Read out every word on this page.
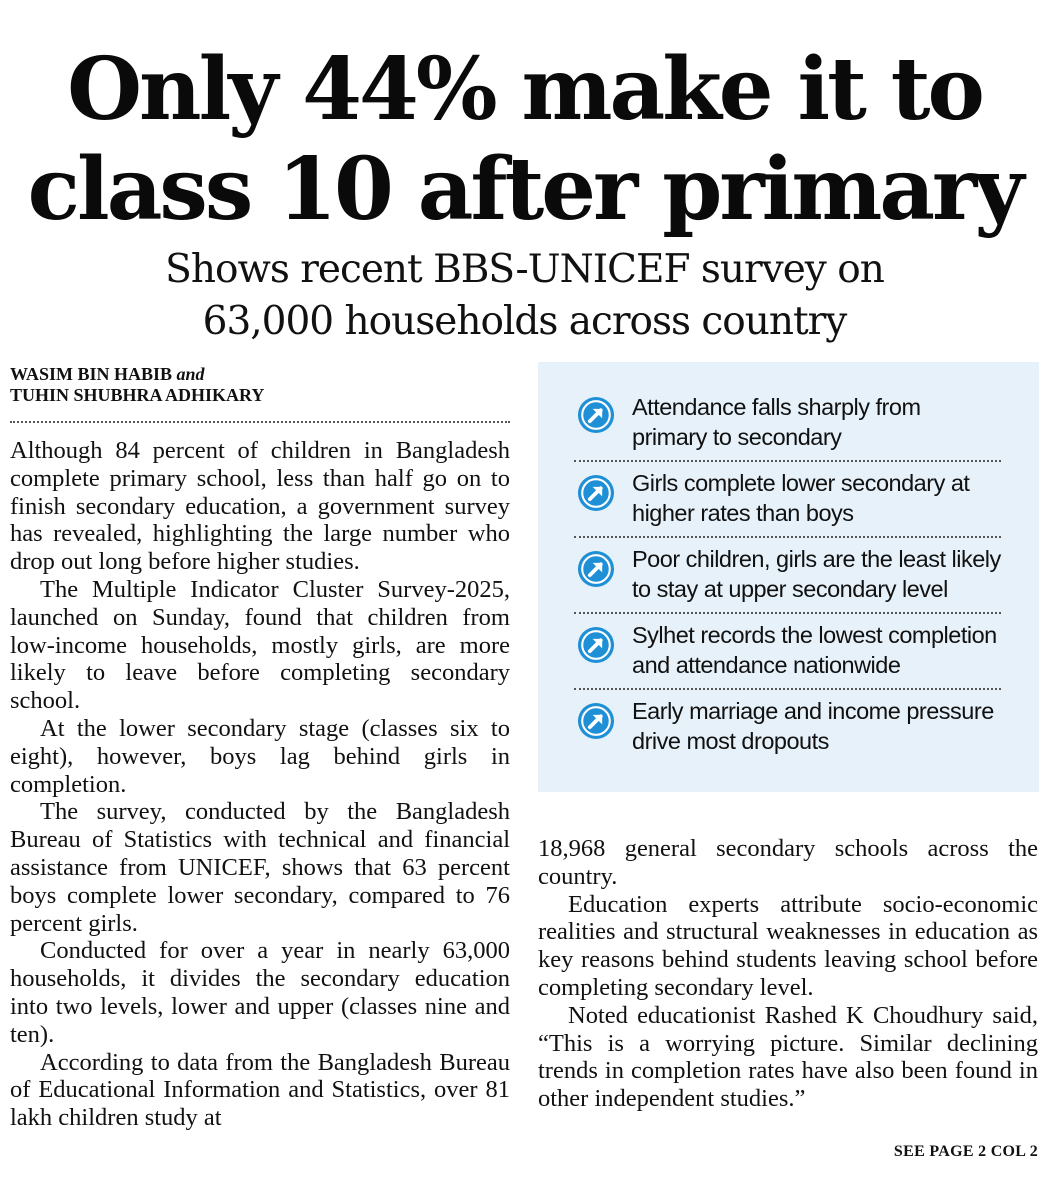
Only 44% make it to
class 10 after primary
Shows recent BBS-UNICEF survey on
63,000 households across country
WASIM BIN HABIB and
TUHIN SHUBHRA ADHIKARY

Although 84 percent of children in Bangladesh complete primary school, less than half go on to finish secondary education, a government survey has revealed, highlighting the large number who drop out long before higher studies.

The Multiple Indicator Cluster Survey-2025, launched on Sunday, found that children from low-income households, mostly girls, are more likely to leave before completing secondary school.

At the lower secondary stage (classes six to eight), however, boys lag behind girls in completion.

The survey, conducted by the Bangladesh Bureau of Statistics with technical and financial assistance from UNICEF, shows that 63 percent boys complete lower secondary, compared to 76 percent girls.

Conducted for over a year in nearly 63,000 households, it divides the secondary education into two levels, lower and upper (classes nine and ten).

According to data from the Bangladesh Bureau of Educational Information and Statistics, over 81 lakh children study at

Attendance falls sharply from primary to secondary
Girls complete lower secondary at higher rates than boys
Poor children, girls are the least likely to stay at upper secondary level
Sylhet records the lowest completion and attendance nationwide
Early marriage and income pressure drive most dropouts

18,968 general secondary schools across the country.

Education experts attribute socio-economic realities and structural weaknesses in education as key reasons behind students leaving school before completing secondary level.

Noted educationist Rashed K Choudhury said, “This is a worrying picture. Similar declining trends in completion rates have also been found in other independent studies.”

SEE PAGE 2 COL 2
